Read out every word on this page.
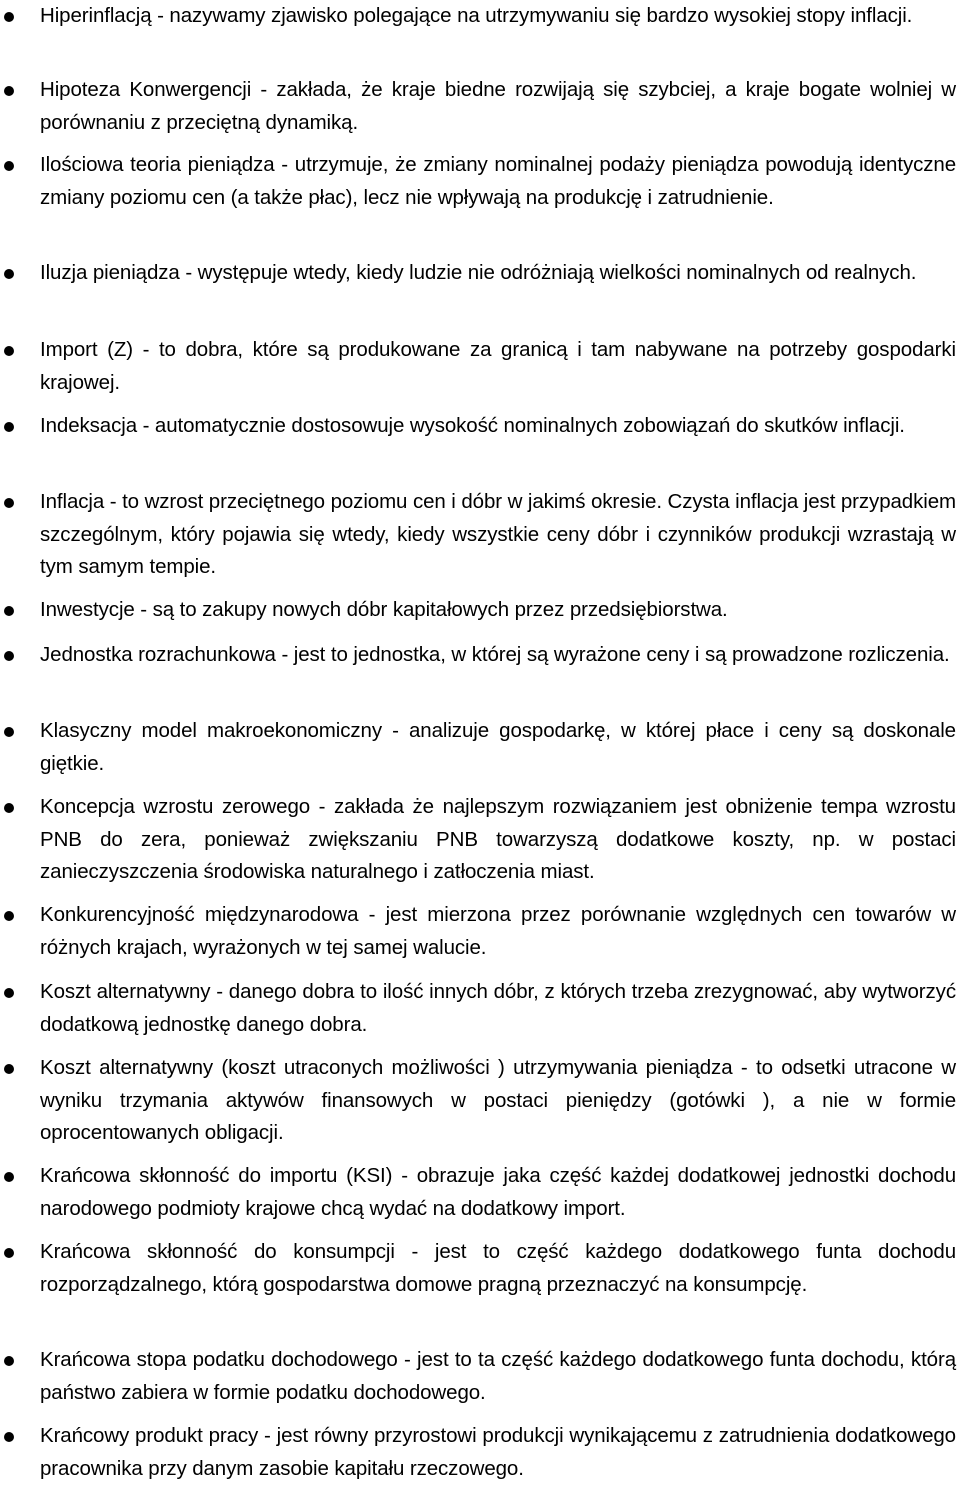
Hiperinflacją - nazywamy zjawisko polegające na utrzymywaniu się bardzo wysokiej stopy inflacji.
Hipoteza Konwergencji - zakłada, że kraje biedne rozwijają się szybciej, a kraje bogate wolniej w porównaniu z przeciętną dynamiką.
Ilościowa teoria pieniądza - utrzymuje, że zmiany nominalnej podaży pieniądza powodują identyczne zmiany poziomu cen (a także płac), lecz nie wpływają na produkcję i zatrudnienie.
Iluzja pieniądza - występuje wtedy, kiedy ludzie nie odróżniają wielkości nominalnych od realnych.
Import (Z) - to dobra, które są produkowane za granicą i tam nabywane na potrzeby gospodarki krajowej.
Indeksacja - automatycznie dostosowuje wysokość nominalnych zobowiązań do skutków inflacji.
Inflacja - to wzrost przeciętnego poziomu cen i dóbr w jakimś okresie. Czysta inflacja jest przypadkiem szczególnym, który pojawia się wtedy, kiedy wszystkie ceny dóbr i czynników produkcji wzrastają w tym samym tempie.
Inwestycje - są to zakupy nowych dóbr kapitałowych przez przedsiębiorstwa.
Jednostka rozrachunkowa - jest to jednostka, w której są wyrażone ceny i są prowadzone rozliczenia.
Klasyczny model makroekonomiczny - analizuje gospodarkę, w której płace i ceny są doskonale giętkie.
Koncepcja wzrostu zerowego - zakłada że najlepszym rozwiązaniem jest obniżenie tempa wzrostu PNB do zera, ponieważ zwiększaniu PNB towarzyszą dodatkowe koszty, np. w postaci zanieczyszczenia środowiska naturalnego i zatłoczenia miast.
Konkurencyjność międzynarodowa - jest mierzona przez porównanie względnych cen towarów w różnych krajach, wyrażonych w tej samej walucie.
Koszt alternatywny - danego dobra to ilość innych dóbr, z których trzeba zrezygnować, aby wytworzyć dodatkową jednostkę danego dobra.
Koszt alternatywny (koszt utraconych możliwości ) utrzymywania pieniądza - to odsetki utracone w wyniku trzymania aktywów finansowych w postaci pieniędzy (gotówki ), a nie w formie oprocentowanych obligacji.
Krańcowa skłonność do importu (KSI) - obrazuje jaka część każdej dodatkowej jednostki dochodu narodowego podmioty krajowe chcą wydać na dodatkowy import.
Krańcowa skłonność do konsumpcji - jest to część każdego dodatkowego funta dochodu rozporządzalnego, którą gospodarstwa domowe pragną przeznaczyć na konsumpcję.
Krańcowa stopa podatku dochodowego - jest to ta część każdego dodatkowego funta dochodu, którą państwo zabiera w formie podatku dochodowego.
Krańcowy produkt pracy - jest równy przyrostowi produkcji wynikającemu z zatrudnienia dodatkowego pracownika przy danym zasobie kapitału rzeczowego.
